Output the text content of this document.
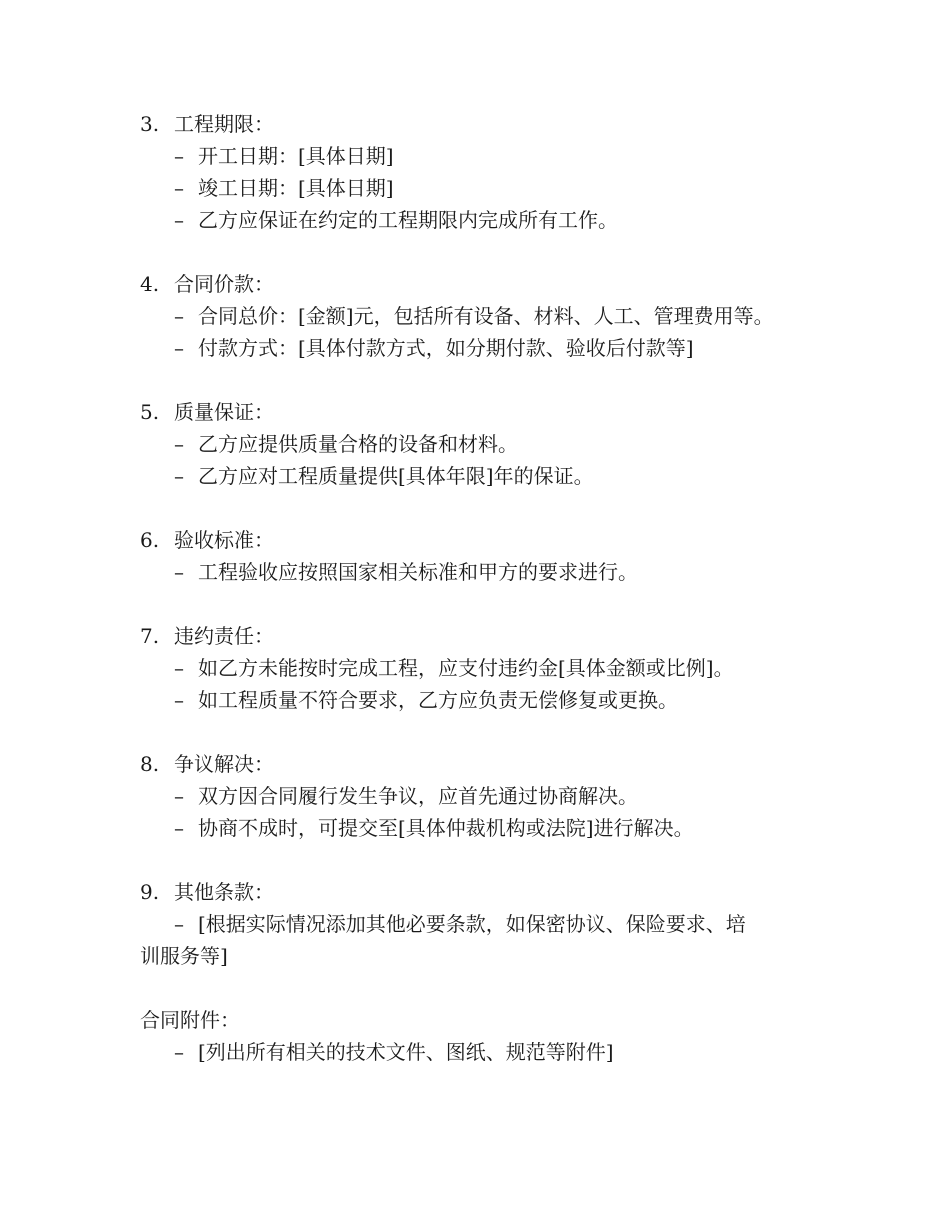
3. 工程期限：
– 开工日期：[具体日期]
– 竣工日期：[具体日期]
– 乙方应保证在约定的工程期限内完成所有工作。
4. 合同价款：
– 合同总价：[金额]元，包括所有设备、材料、人工、管理费用等。
– 付款方式：[具体付款方式，如分期付款、验收后付款等]
5. 质量保证：
– 乙方应提供质量合格的设备和材料。
– 乙方应对工程质量提供[具体年限]年的保证。
6. 验收标准：
– 工程验收应按照国家相关标准和甲方的要求进行。
7. 违约责任：
– 如乙方未能按时完成工程，应支付违约金[具体金额或比例]。
– 如工程质量不符合要求，乙方应负责无偿修复或更换。
8. 争议解决：
– 双方因合同履行发生争议，应首先通过协商解决。
– 协商不成时，可提交至[具体仲裁机构或法院]进行解决。
9. 其他条款：
– [根据实际情况添加其他必要条款，如保密协议、保险要求、培
训服务等]
合同附件：
– [列出所有相关的技术文件、图纸、规范等附件]
